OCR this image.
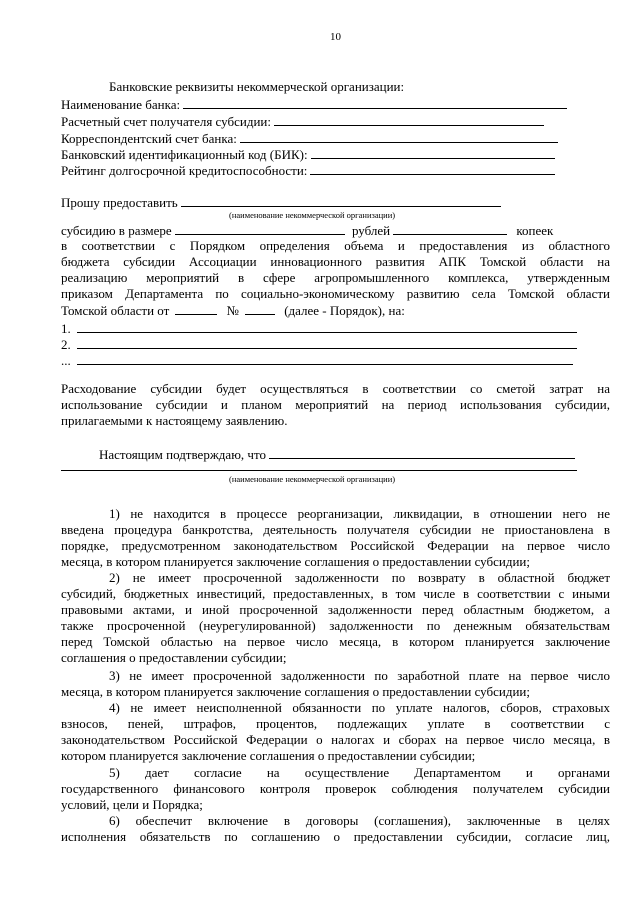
10
Банковские реквизиты некоммерческой организации:
Наименование банка:
Расчетный счет получателя субсидии:
Корреспондентский счет банка:
Банковский идентификационный код (БИК):
Рейтинг долгосрочной кредитоспособности:
Прошу предоставить
(наименование некоммерческой организации)
субсидию в размере	рублей	копеек
в соответствии с Порядком определения объема и предоставления из областного
бюджета субсидии Ассоциации инновационного развития АПК Томской области на
реализацию мероприятий в сфере агропромышленного комплекса, утвержденным
приказом Департамента по социально-экономическому развитию села Томской области
Томской области от	№	(далее - Порядок), на:
1.
2.
...
Расходование субсидии будет осуществляться в соответствии со сметой затрат на
использование субсидии и планом мероприятий на период использования субсидии,
прилагаемыми к настоящему заявлению.
Настоящим подтверждаю, что
(наименование некоммерческой организации)
1) не находится в процессе реорганизации, ликвидации, в отношении него не
введена процедура банкротства, деятельность получателя субсидии не приостановлена в
порядке, предусмотренном законодательством Российской Федерации на первое число
месяца, в котором планируется заключение соглашения о предоставлении субсидии;
2) не имеет просроченной задолженности по возврату в областной бюджет
субсидий, бюджетных инвестиций, предоставленных, в том числе в соответствии с иными
правовыми актами, и иной просроченной задолженности перед областным бюджетом, а
также просроченной (неурегулированной) задолженности по денежным обязательствам
перед Томской областью на первое число месяца, в котором планируется заключение
соглашения о предоставлении субсидии;
3) не имеет просроченной задолженности по заработной плате на первое число
месяца, в котором планируется заключение соглашения о предоставлении субсидии;
4) не имеет неисполненной обязанности по уплате налогов, сборов, страховых
взносов, пеней, штрафов, процентов, подлежащих уплате в соответствии с
законодательством Российской Федерации о налогах и сборах на первое число месяца, в
котором планируется заключение соглашения о предоставлении субсидии;
5) дает согласие на осуществление Департаментом и органами
государственного финансового контроля проверок соблюдения получателем субсидии
условий, цели и Порядка;
6) обеспечит включение в договоры (соглашения), заключенные в целях
исполнения обязательств по соглашению о предоставлении субсидии, согласие лиц,
